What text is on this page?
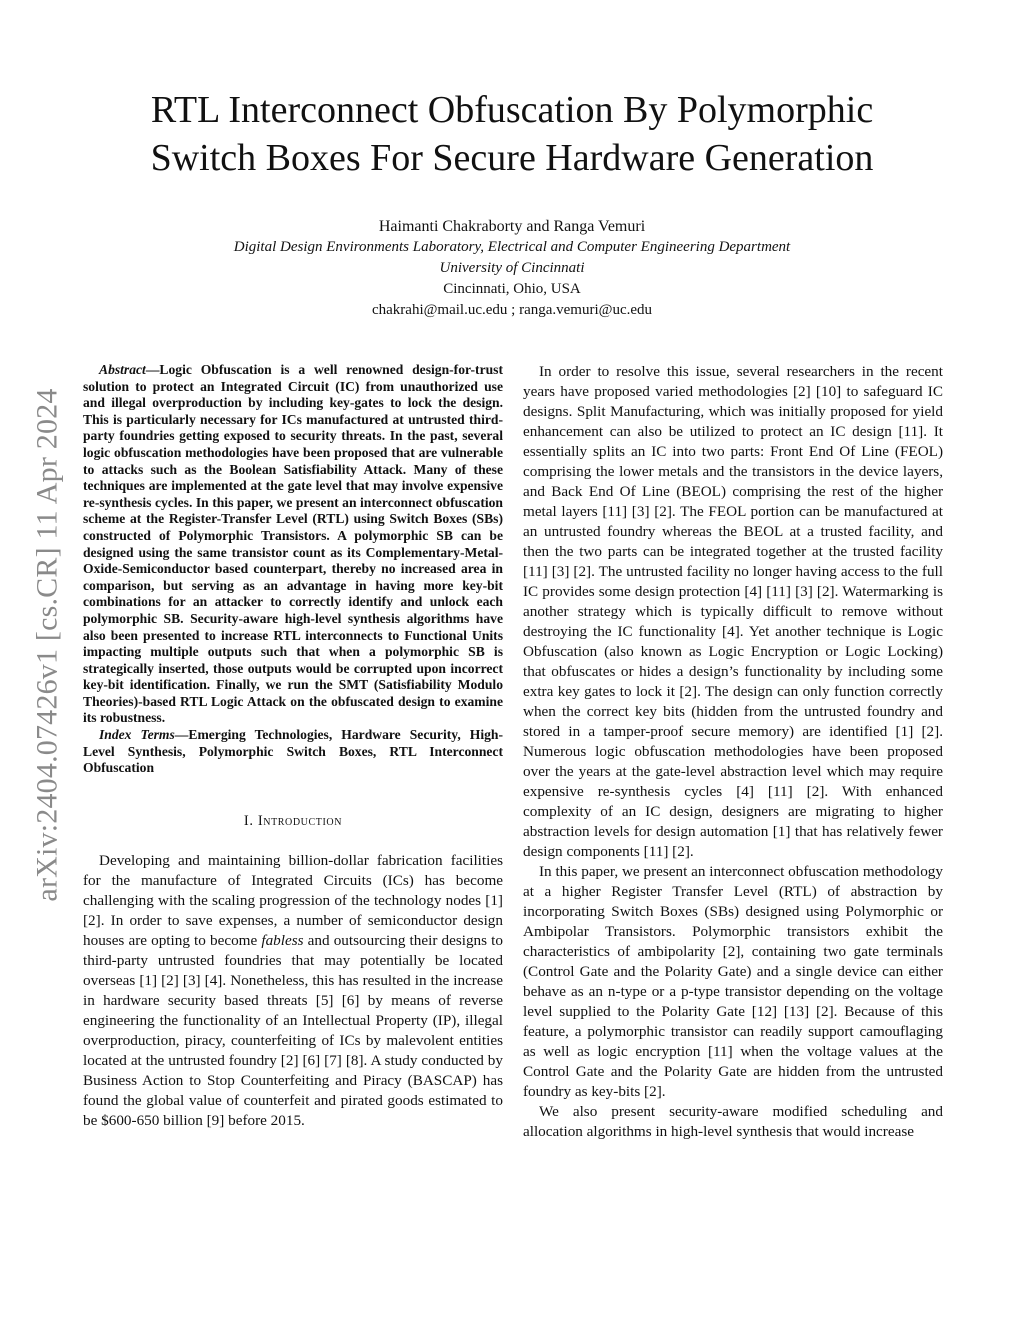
arXiv:2404.07426v1 [cs.CR] 11 Apr 2024
RTL Interconnect Obfuscation By Polymorphic
Switch Boxes For Secure Hardware Generation
Haimanti Chakraborty and Ranga Vemuri
Digital Design Environments Laboratory, Electrical and Computer Engineering Department
University of Cincinnati
Cincinnati, Ohio, USA
chakrahi@mail.uc.edu ; ranga.vemuri@uc.edu

Abstract—Logic Obfuscation is a well renowned design-for-trust solution to protect an Integrated Circuit (IC) from unauthorized use and illegal overproduction by including key-gates to lock the design. This is particularly necessary for ICs manufactured at untrusted third-party foundries getting exposed to security threats. In the past, several logic obfuscation methodologies have been proposed that are vulnerable to attacks such as the Boolean Satisfiability Attack. Many of these techniques are implemented at the gate level that may involve expensive re-synthesis cycles. In this paper, we present an interconnect obfuscation scheme at the Register-Transfer Level (RTL) using Switch Boxes (SBs) constructed of Polymorphic Transistors. A polymorphic SB can be designed using the same transistor count as its Complementary-Metal-Oxide-Semiconductor based counterpart, thereby no increased area in comparison, but serving as an advantage in having more key-bit combinations for an attacker to correctly identify and unlock each polymorphic SB. Security-aware high-level synthesis algorithms have also been presented to increase RTL interconnects to Functional Units impacting multiple outputs such that when a polymorphic SB is strategically inserted, those outputs would be corrupted upon incorrect key-bit identification. Finally, we run the SMT (Satisfiability Modulo Theories)-based RTL Logic Attack on the obfuscated design to examine its robustness.

Index Terms—Emerging Technologies, Hardware Security, High-Level Synthesis, Polymorphic Switch Boxes, RTL Interconnect Obfuscation

I. Introduction

Developing and maintaining billion-dollar fabrication facilities for the manufacture of Integrated Circuits (ICs) has become challenging with the scaling progression of the technology nodes [1] [2]. In order to save expenses, a number of semiconductor design houses are opting to become fabless and outsourcing their designs to third-party untrusted foundries that may potentially be located overseas [1] [2] [3] [4]. Nonetheless, this has resulted in the increase in hardware security based threats [5] [6] by means of reverse engineering the functionality of an Intellectual Property (IP), illegal overproduction, piracy, counterfeiting of ICs by malevolent entities located at the untrusted foundry [2] [6] [7] [8]. A study conducted by Business Action to Stop Counterfeiting and Piracy (BASCAP) has found the global value of counterfeit and pirated goods estimated to be $600-650 billion [9] before 2015.

In order to resolve this issue, several researchers in the recent years have proposed varied methodologies [2] [10] to safeguard IC designs. Split Manufacturing, which was initially proposed for yield enhancement can also be utilized to protect an IC design [11]. It essentially splits an IC into two parts: Front End Of Line (FEOL) comprising the lower metals and the transistors in the device layers, and Back End Of Line (BEOL) comprising the rest of the higher metal layers [11] [3] [2]. The FEOL portion can be manufactured at an untrusted foundry whereas the BEOL at a trusted facility, and then the two parts can be integrated together at the trusted facility [11] [3] [2]. The untrusted facility no longer having access to the full IC provides some design protection [4] [11] [3] [2]. Watermarking is another strategy which is typically difficult to remove without destroying the IC functionality [4]. Yet another technique is Logic Obfuscation (also known as Logic Encryption or Logic Locking) that obfuscates or hides a design’s functionality by including some extra key gates to lock it [2]. The design can only function correctly when the correct key bits (hidden from the untrusted foundry and stored in a tamper-proof secure memory) are identified [1] [2]. Numerous logic obfuscation methodologies have been proposed over the years at the gate-level abstraction level which may require expensive re-synthesis cycles [4] [11] [2]. With enhanced complexity of an IC design, designers are migrating to higher abstraction levels for design automation [1] that has relatively fewer design components [11] [2].

In this paper, we present an interconnect obfuscation methodology at a higher Register Transfer Level (RTL) of abstraction by incorporating Switch Boxes (SBs) designed using Polymorphic or Ambipolar Transistors. Polymorphic transistors exhibit the characteristics of ambipolarity [2], containing two gate terminals (Control Gate and the Polarity Gate) and a single device can either behave as an n-type or a p-type transistor depending on the voltage level supplied to the Polarity Gate [12] [13] [2]. Because of this feature, a polymorphic transistor can readily support camouflaging as well as logic encryption [11] when the voltage values at the Control Gate and the Polarity Gate are hidden from the untrusted foundry as key-bits [2].

We also present security-aware modified scheduling and allocation algorithms in high-level synthesis that would increase
